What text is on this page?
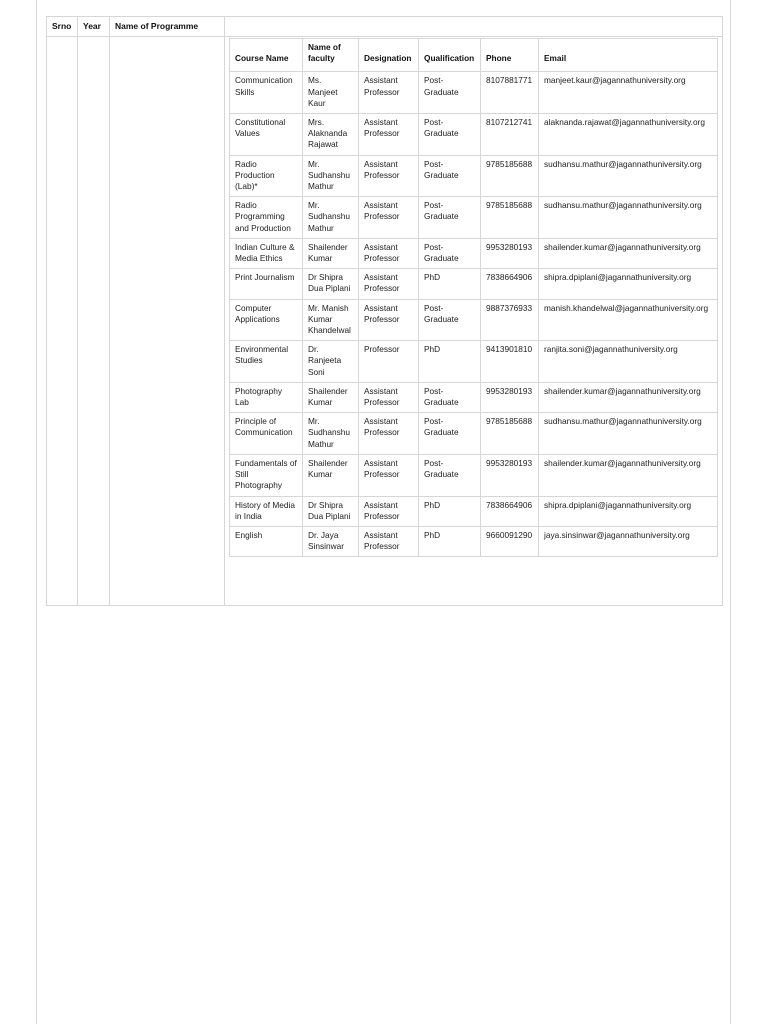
Srno	Year	Name of Programme	

Course Name	Name of faculty	Designation	Qualification	Phone	Email
Communication Skills	Ms. Manjeet Kaur	Assistant Professor	Post-Graduate	8107881771	manjeet.kaur@jagannathuniversity.org
Constitutional Values	Mrs. Alaknanda Rajawat	Assistant Professor	Post-Graduate	8107212741	alaknanda.rajawat@jagannathuniversity.org
Radio Production (Lab)*	Mr. Sudhanshu Mathur	Assistant Professor	Post-Graduate	9785185688	sudhansu.mathur@jagannathuniversity.org
Radio Programming and Production	Mr. Sudhanshu Mathur	Assistant Professor	Post-Graduate	9785185688	sudhansu.mathur@jagannathuniversity.org
Indian Culture & Media Ethics	Shailender Kumar	Assistant Professor	Post-Graduate	9953280193	shailender.kumar@jagannathuniversity.org
Print Journalism	Dr Shipra Dua Piplani	Assistant Professor	PhD	7838664906	shipra.dpiplani@jagannathuniversity.org
Computer Applications	Mr. Manish Kumar Khandelwal	Assistant Professor	Post-Graduate	9887376933	manish.khandelwal@jagannathuniversity.org
Environmental Studies	Dr. Ranjeeta Soni	Professor	PhD	9413901810	ranjita.soni@jagannathuniversity.org
Photography Lab	Shailender Kumar	Assistant Professor	Post-Graduate	9953280193	shailender.kumar@jagannathuniversity.org
Principle of Communication	Mr. Sudhanshu Mathur	Assistant Professor	Post-Graduate	9785185688	sudhansu.mathur@jagannathuniversity.org
Fundamentals of Still Photography	Shailender Kumar	Assistant Professor	Post-Graduate	9953280193	shailender.kumar@jagannathuniversity.org
History of Media in India	Dr Shipra Dua Piplani	Assistant Professor	PhD	7838664906	shipra.dpiplani@jagannathuniversity.org
English	Dr. Jaya Sinsinwar	Assistant Professor	PhD	9660091290	jaya.sinsinwar@jagannathuniversity.org
